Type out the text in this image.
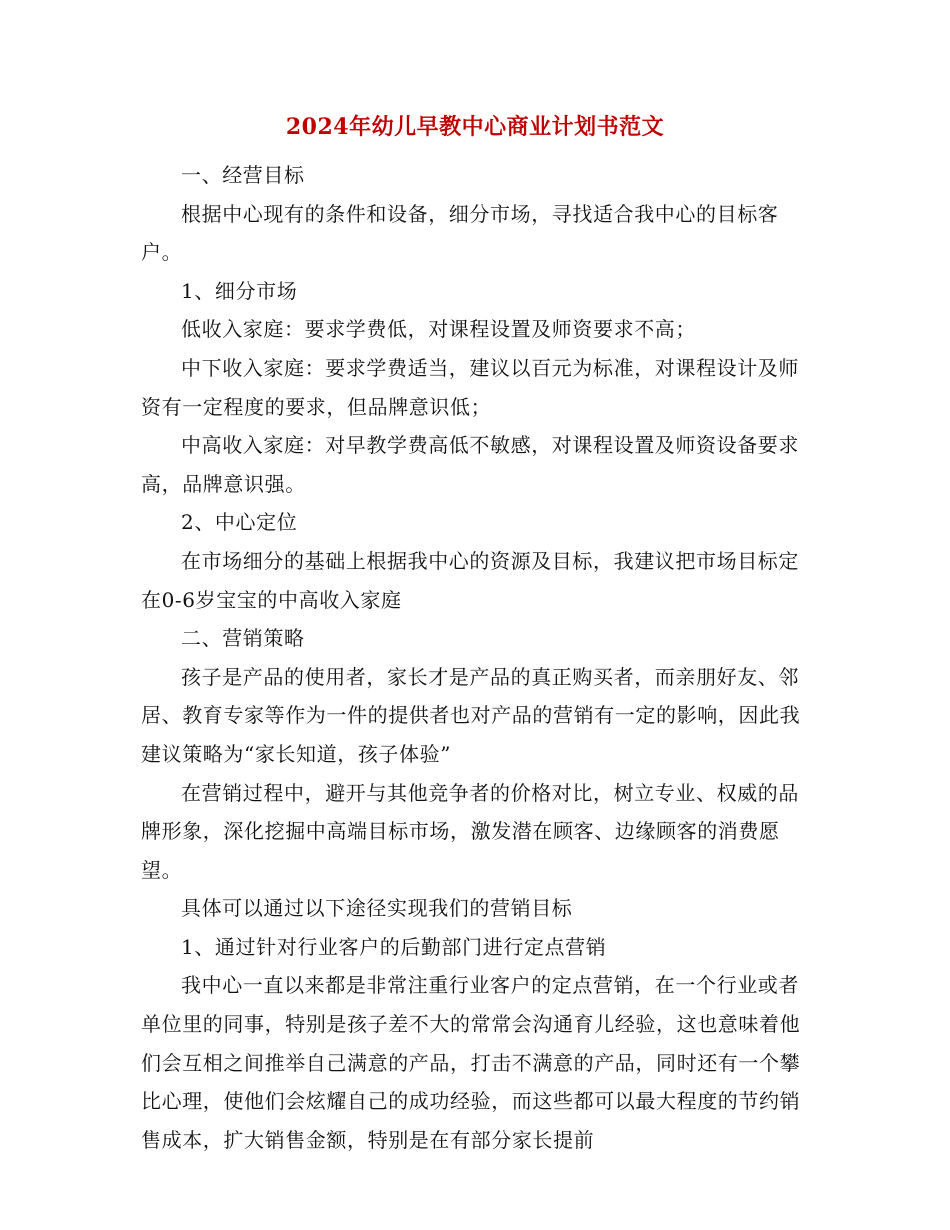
2024年幼儿早教中心商业计划书范文

一、经营目标

根据中心现有的条件和设备，细分市场，寻找适合我中心的目标客户。

1、细分市场

低收入家庭：要求学费低，对课程设置及师资要求不高；

中下收入家庭：要求学费适当，建议以百元为标准，对课程设计及师资有一定程度的要求，但品牌意识低；

中高收入家庭：对早教学费高低不敏感，对课程设置及师资设备要求高，品牌意识强。

2、中心定位

在市场细分的基础上根据我中心的资源及目标，我建议把市场目标定在0-6岁宝宝的中高收入家庭

二、营销策略

孩子是产品的使用者，家长才是产品的真正购买者，而亲朋好友、邻居、教育专家等作为一件的提供者也对产品的营销有一定的影响，因此我建议策略为“家长知道，孩子体验”

在营销过程中，避开与其他竞争者的价格对比，树立专业、权威的品牌形象，深化挖掘中高端目标市场，激发潜在顾客、边缘顾客的消费愿望。

具体可以通过以下途径实现我们的营销目标

1、通过针对行业客户的后勤部门进行定点营销

我中心一直以来都是非常注重行业客户的定点营销，在一个行业或者单位里的同事，特别是孩子差不大的常常会沟通育儿经验，这也意味着他们会互相之间推举自己满意的产品，打击不满意的产品，同时还有一个攀比心理，使他们会炫耀自己的成功经验，而这些都可以最大程度的节约销售成本，扩大销售金额，特别是在有部分家长提前
